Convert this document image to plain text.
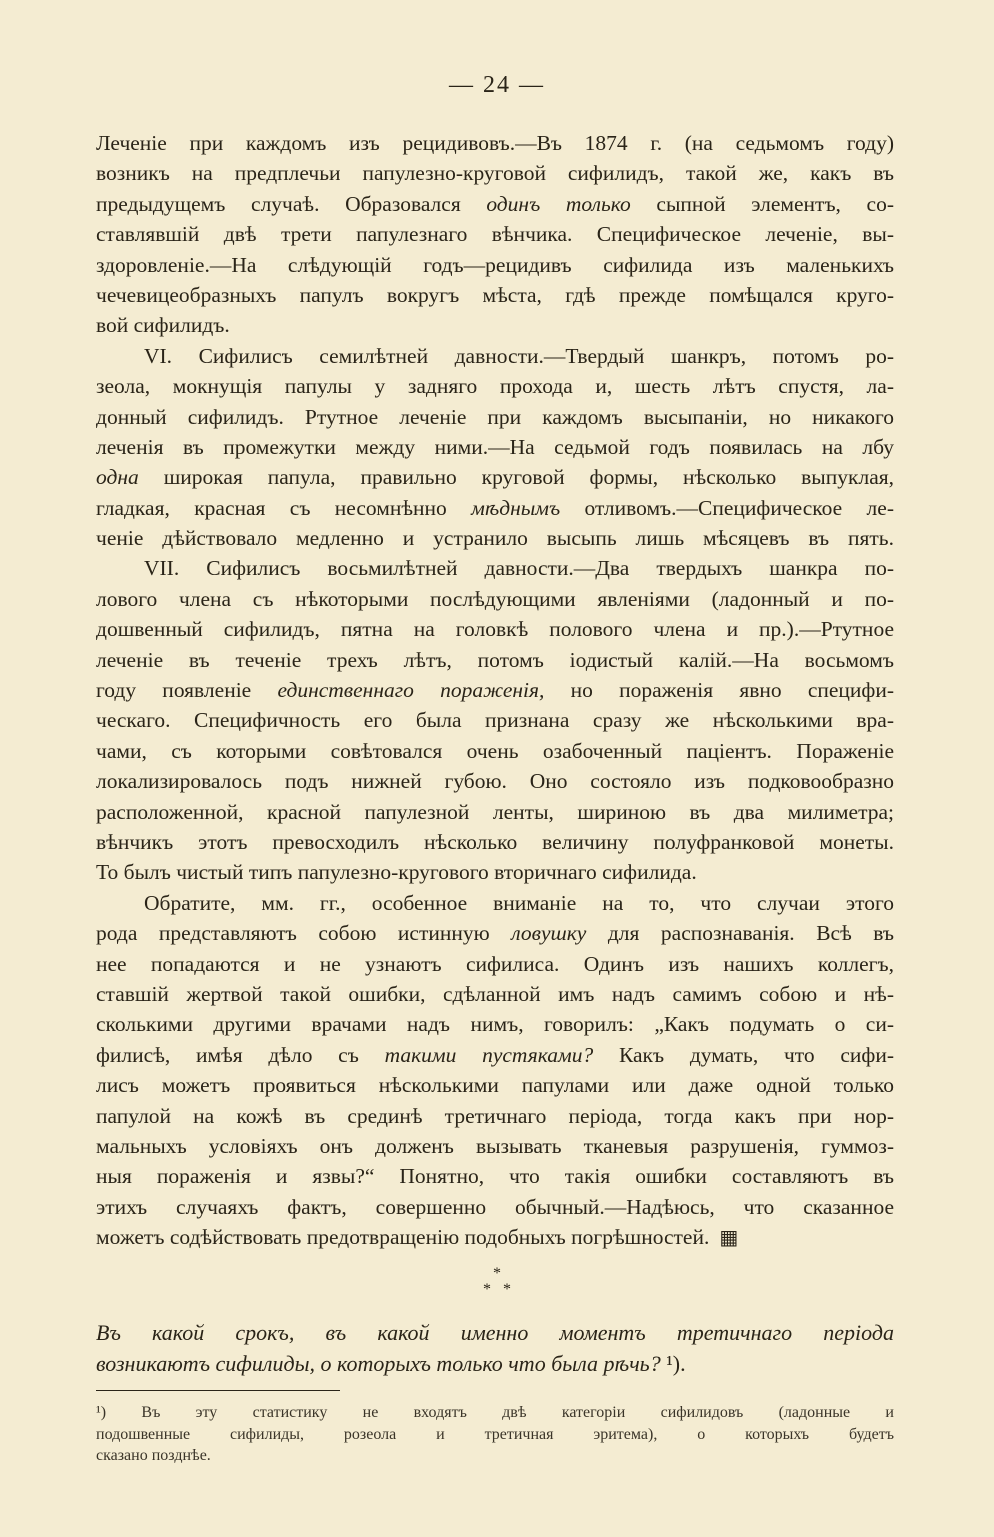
— 24 —
Леченіе при каждомъ изъ рецидивовъ.—Въ 1874 г. (на седьмомъ году)
возникъ на предплечьи папулезно-круговой сифилидъ, такой же, какъ въ
предыдущемъ случаѣ. Образовался одинъ только сыпной элементъ, со-
ставлявшій двѣ трети папулезнаго вѣнчика. Специфическое леченіе, вы-
здоровленіе.—На слѣдующій годъ—рецидивъ сифилида изъ маленькихъ
чечевицеобразныхъ папулъ вокругъ мѣста, гдѣ прежде помѣщался круго-
вой сифилидъ.
VI. Сифилисъ семилѣтней давности.—Твердый шанкръ, потомъ ро-
зеола, мокнущія папулы у задняго прохода и, шесть лѣтъ спустя, ла-
донный сифилидъ. Ртутное леченіе при каждомъ высыпаніи, но никакого
леченія въ промежутки между ними.—На седьмой годъ появилась на лбу
одна широкая папула, правильно круговой формы, нѣсколько выпуклая,
гладкая, красная съ несомнѣнно мѣднымъ отливомъ.—Специфическое ле-
ченіе дѣйствовало медленно и устранило высыпь лишь мѣсяцевъ въ пять.
VII. Сифилисъ восьмилѣтней давности.—Два твердыхъ шанкра по-
лового члена съ нѣкоторыми послѣдующими явленіями (ладонный и по-
дошвенный сифилидъ, пятна на головкѣ полового члена и пр.).—Ртутное
леченіе въ теченіе трехъ лѣтъ, потомъ іодистый калій.—На восьмомъ
году появленіе единственнаго пораженія, но пораженія явно специфи-
ческаго. Специфичность его была признана сразу же нѣсколькими вра-
чами, съ которыми совѣтовался очень озабоченный паціентъ. Пораженіе
локализировалось подъ нижней губою. Оно состояло изъ подковообразно
расположенной, красной папулезной ленты, шириною въ два милиметра;
вѣнчикъ этотъ превосходилъ нѣсколько величину полуфранковой монеты.
То былъ чистый типъ папулезно-кругового вторичнаго сифилида.
Обратите, мм. гг., особенное вниманіе на то, что случаи этого
рода представляютъ собою истинную ловушку для распознаванія. Всѣ въ
нее попадаются и не узнаютъ сифилиса. Одинъ изъ нашихъ коллегъ,
ставшій жертвой такой ошибки, сдѣланной имъ надъ самимъ собою и нѣ-
сколькими другими врачами надъ нимъ, говорилъ: „Какъ подумать о си-
филисѣ, имѣя дѣло съ такими пустяками? Какъ думать, что сифи-
лисъ можетъ проявиться нѣсколькими папулами или даже одной только
папулой на кожѣ въ срединѣ третичнаго періода, тогда какъ при нор-
мальныхъ условіяхъ онъ долженъ вызывать тканевыя разрушенія, гуммоз-
ныя пораженія и язвы?“ Понятно, что такія ошибки составляютъ въ
этихъ случаяхъ фактъ, совершенно обычный.—Надѣюсь, что сказанное
можетъ содѣйствовать предотвращенію подобныхъ погрѣшностей. ▦
*
*   *
Въ какой срокъ, въ какой именно моментъ третичнаго періода
возникаютъ сифилиды, о которыхъ только что была рѣчь? ¹).
¹) Въ эту статистику не входятъ двѣ категоріи сифилидовъ (ладонные и
подошвенные сифилиды, розеола и третичная эритема), о которыхъ будетъ
сказано позднѣе.
